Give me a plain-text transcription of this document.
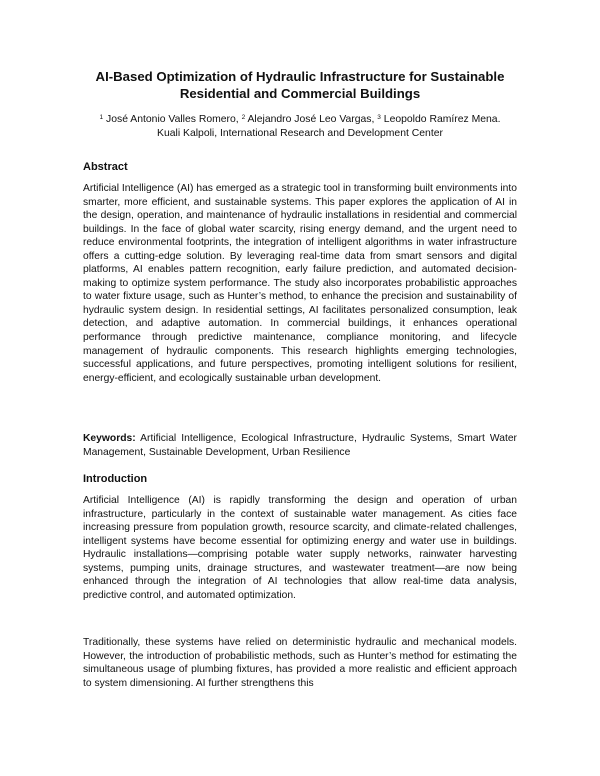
AI-Based Optimization of Hydraulic Infrastructure for Sustainable Residential and Commercial Buildings
$^1$ José Antonio Valles Romero, $^2$ Alejandro José Leo Vargas, $^3$ Leopoldo Ramírez Mena.
Kuali Kalpoli, International Research and Development Center
Abstract

Artificial Intelligence (AI) has emerged as a strategic tool in transforming built environments into smarter, more efficient, and sustainable systems. This paper explores the application of AI in the design, operation, and maintenance of hydraulic installations in residential and commercial buildings. In the face of global water scarcity, rising energy demand, and the urgent need to reduce environmental footprints, the integration of intelligent algorithms in water infrastructure offers a cutting-edge solution. By leveraging real-time data from smart sensors and digital platforms, AI enables pattern recognition, early failure prediction, and automated decision-making to optimize system performance. The study also incorporates probabilistic approaches to water fixture usage, such as Hunter’s method, to enhance the precision and sustainability of hydraulic system design. In residential settings, AI facilitates personalized consumption, leak detection, and adaptive automation. In commercial buildings, it enhances operational performance through predictive maintenance, compliance monitoring, and lifecycle management of hydraulic components. This research highlights emerging technologies, successful applications, and future perspectives, promoting intelligent solutions for resilient, energy-efficient, and ecologically sustainable urban development.

Keywords: Artificial Intelligence, Ecological Infrastructure, Hydraulic Systems, Smart Water Management, Sustainable Development, Urban Resilience

Introduction

Artificial Intelligence (AI) is rapidly transforming the design and operation of urban infrastructure, particularly in the context of sustainable water management. As cities face increasing pressure from population growth, resource scarcity, and climate-related challenges, intelligent systems have become essential for optimizing energy and water use in buildings. Hydraulic installations—comprising potable water supply networks, rainwater harvesting systems, pumping units, drainage structures, and wastewater treatment—are now being enhanced through the integration of AI technologies that allow real-time data analysis, predictive control, and automated optimization.

Traditionally, these systems have relied on deterministic hydraulic and mechanical models. However, the introduction of probabilistic methods, such as Hunter’s method for estimating the simultaneous usage of plumbing fixtures, has provided a more realistic and efficient approach to system dimensioning. AI further strengthens this
